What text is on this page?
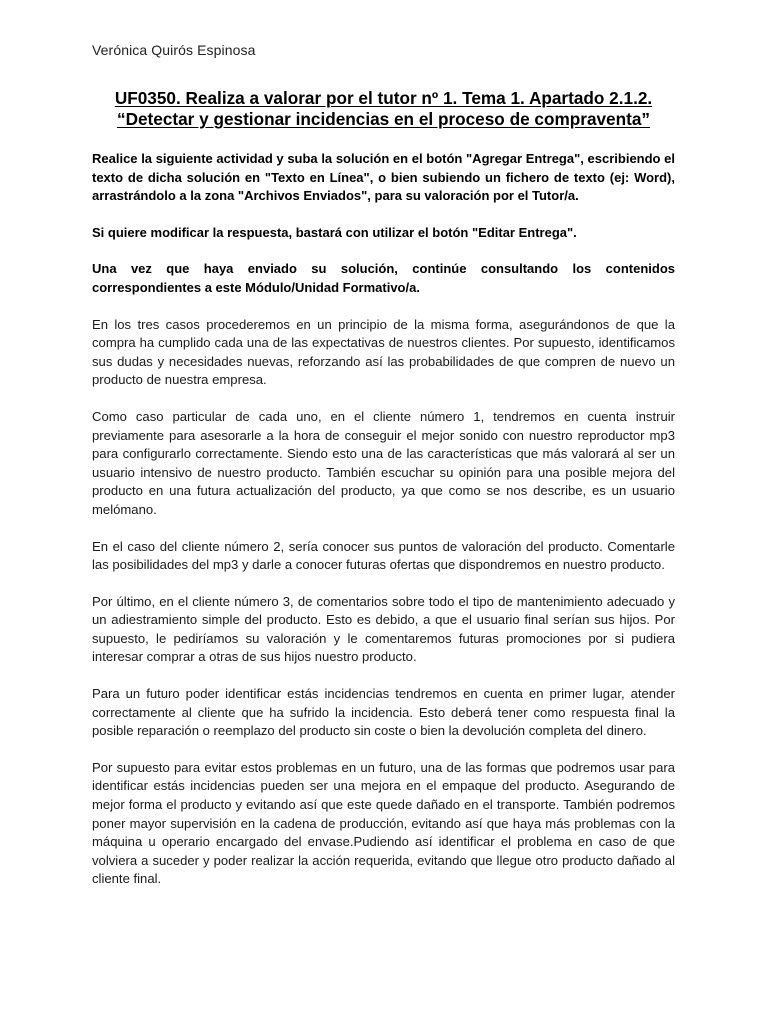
Verónica Quirós Espinosa
UF0350. Realiza a valorar por el tutor nº 1. Tema 1. Apartado 2.1.2.
“Detectar y gestionar incidencias en el proceso de compraventa”

Realice la siguiente actividad y suba la solución en el botón "Agregar Entrega", escribiendo el texto de dicha solución en "Texto en Línea", o bien subiendo un fichero de texto (ej: Word), arrastrándolo a la zona "Archivos Enviados", para su valoración por el Tutor/a.

Si quiere modificar la respuesta, bastará con utilizar el botón "Editar Entrega".

Una vez que haya enviado su solución, continúe consultando los contenidos correspondientes a este Módulo/Unidad Formativo/a.

En los tres casos procederemos en un principio de la misma forma, asegurándonos de que la compra ha cumplido cada una de las expectativas de nuestros clientes. Por supuesto, identificamos sus dudas y necesidades nuevas, reforzando así las probabilidades de que compren de nuevo un producto de nuestra empresa.

Como caso particular de cada uno, en el cliente número 1, tendremos en cuenta instruir previamente para asesorarle a la hora de conseguir el mejor sonido con nuestro reproductor mp3 para configurarlo correctamente. Siendo esto una de las características que más valorará al ser un usuario intensivo de nuestro producto. También escuchar su opinión para una posible mejora del producto en una futura actualización del producto, ya que como se nos describe, es un usuario melómano.

En el caso del cliente número 2, sería conocer sus puntos de valoración del producto. Comentarle las posibilidades del mp3 y darle a conocer futuras ofertas que dispondremos en nuestro producto.

Por último, en el cliente número 3, de comentarios sobre todo el tipo de mantenimiento adecuado y un adiestramiento simple del producto. Esto es debido, a que el usuario final serían sus hijos. Por supuesto, le pediríamos su valoración y le comentaremos futuras promociones por si pudiera interesar comprar a otras de sus hijos nuestro producto.

Para un futuro poder identificar estás incidencias tendremos en cuenta en primer lugar, atender correctamente al cliente que ha sufrido la incidencia. Esto deberá tener como respuesta final la posible reparación o reemplazo del producto sin coste o bien la devolución completa del dinero.

Por supuesto para evitar estos problemas en un futuro, una de las formas que podremos usar para identificar estás incidencias pueden ser una mejora en el empaque del producto. Asegurando de mejor forma el producto y evitando así que este quede dañado en el transporte. También podremos poner mayor supervisión en la cadena de producción, evitando así que haya más problemas con la máquina u operario encargado del envase.Pudiendo así identificar el problema en caso de que volviera a suceder y poder realizar la acción requerida, evitando que llegue otro producto dañado al cliente final.
